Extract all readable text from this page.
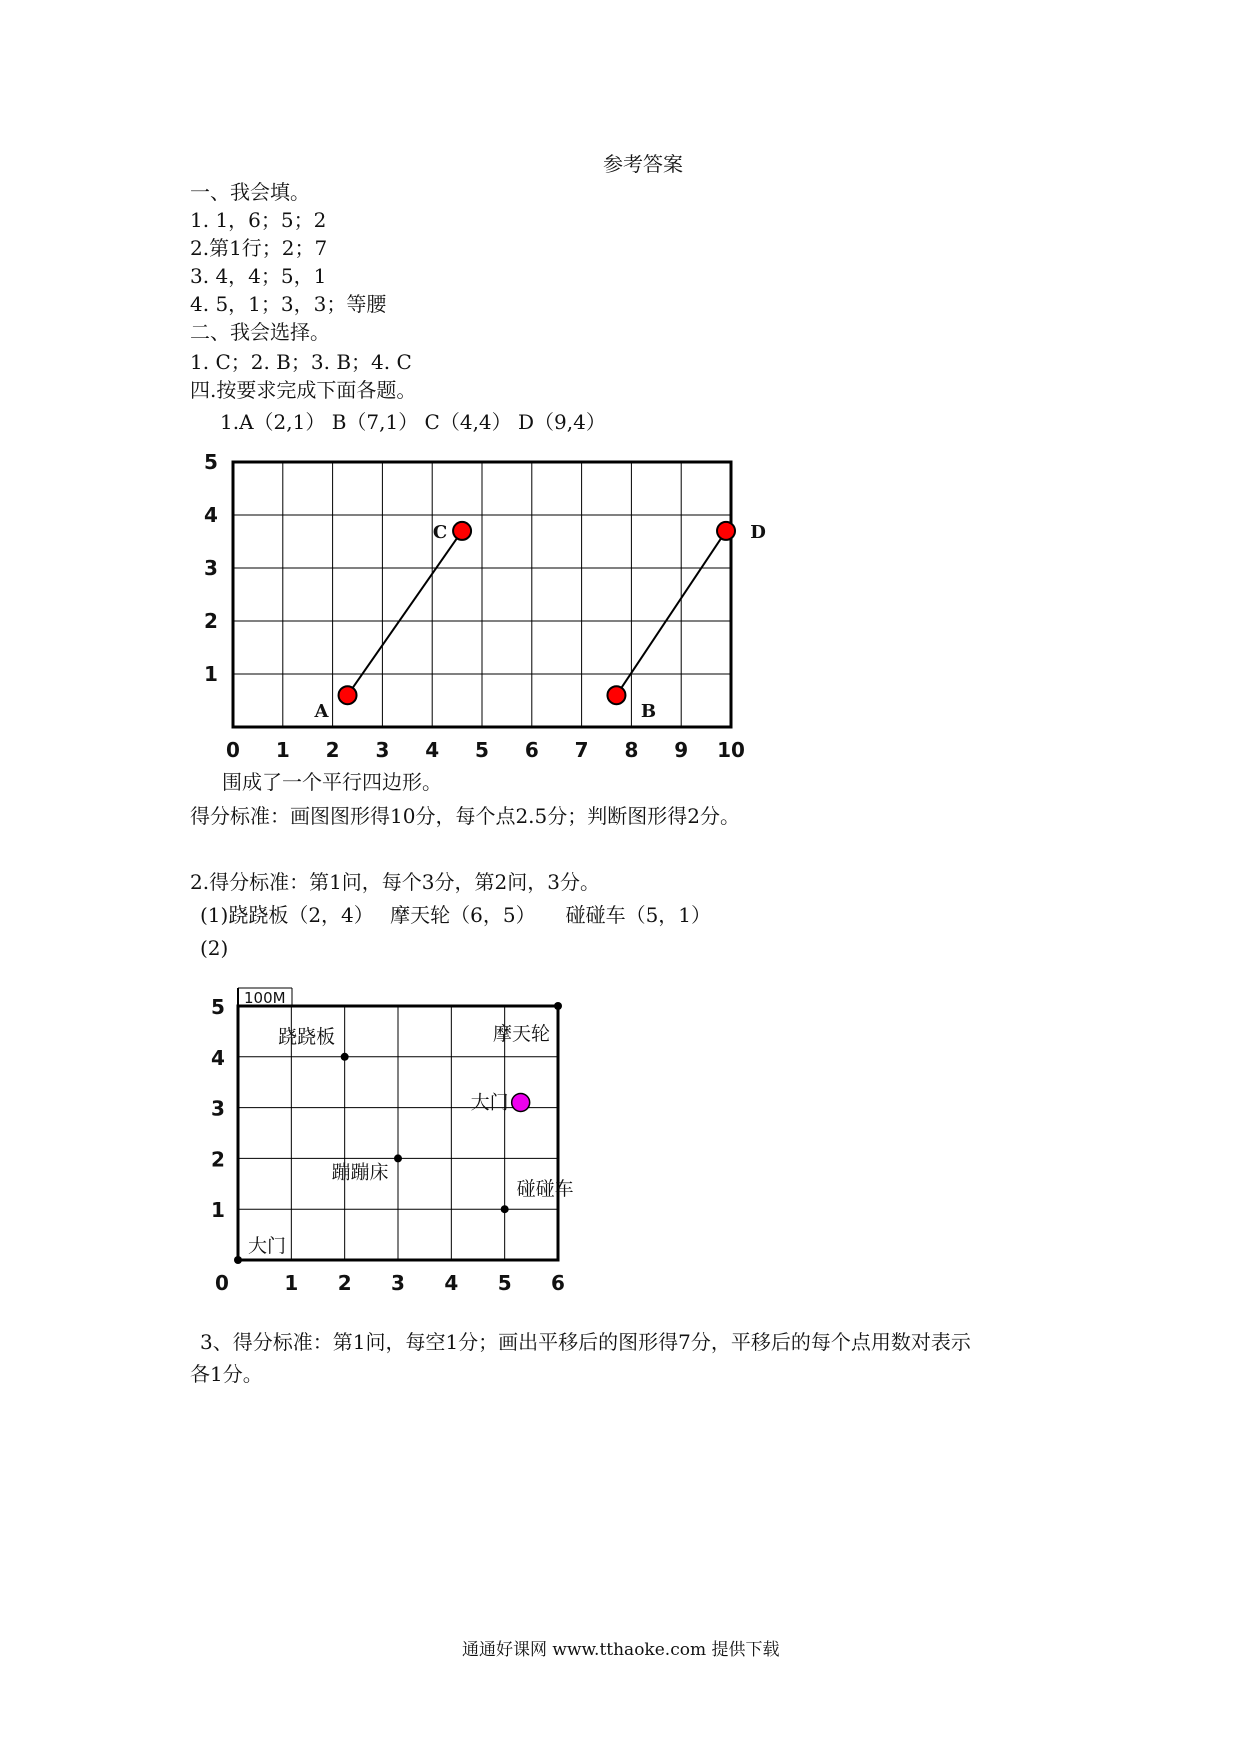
参考答案
一、我会填。
1. 1，6；5；2
2.第1行；2；7
3. 4，4；5，1
4. 5，1；3，3；等腰
二、我会选择。
1. C；2. B；3. B；4. C
四.按要求完成下面各题。
1.A（2,1） B（7,1） C（4,4） D（9,4）
0 1 2 3 4 5 6 7 8 9 10
1
2
3
4
5
A	B
C	D
围成了一个平行四边形。
得分标准：画图图形得10分，每个点2.5分；判断图形得2分。
2.得分标准：第1问，每个3分，第2问，3分。
(1)跷跷板（2，4）　 摩天轮（6，5）　　碰碰车（5，1）
(2)
100M
0	1 2 3 4 5 6
1
2
3
4
5
跷跷板	摩天轮
大门
蹦蹦床
碰碰车
大门
3、得分标准：第1问，每空1分；画出平移后的图形得7分，平移后的每个点用数对表示
各1分。
通通好课网 www.tthaoke.com 提供下载
